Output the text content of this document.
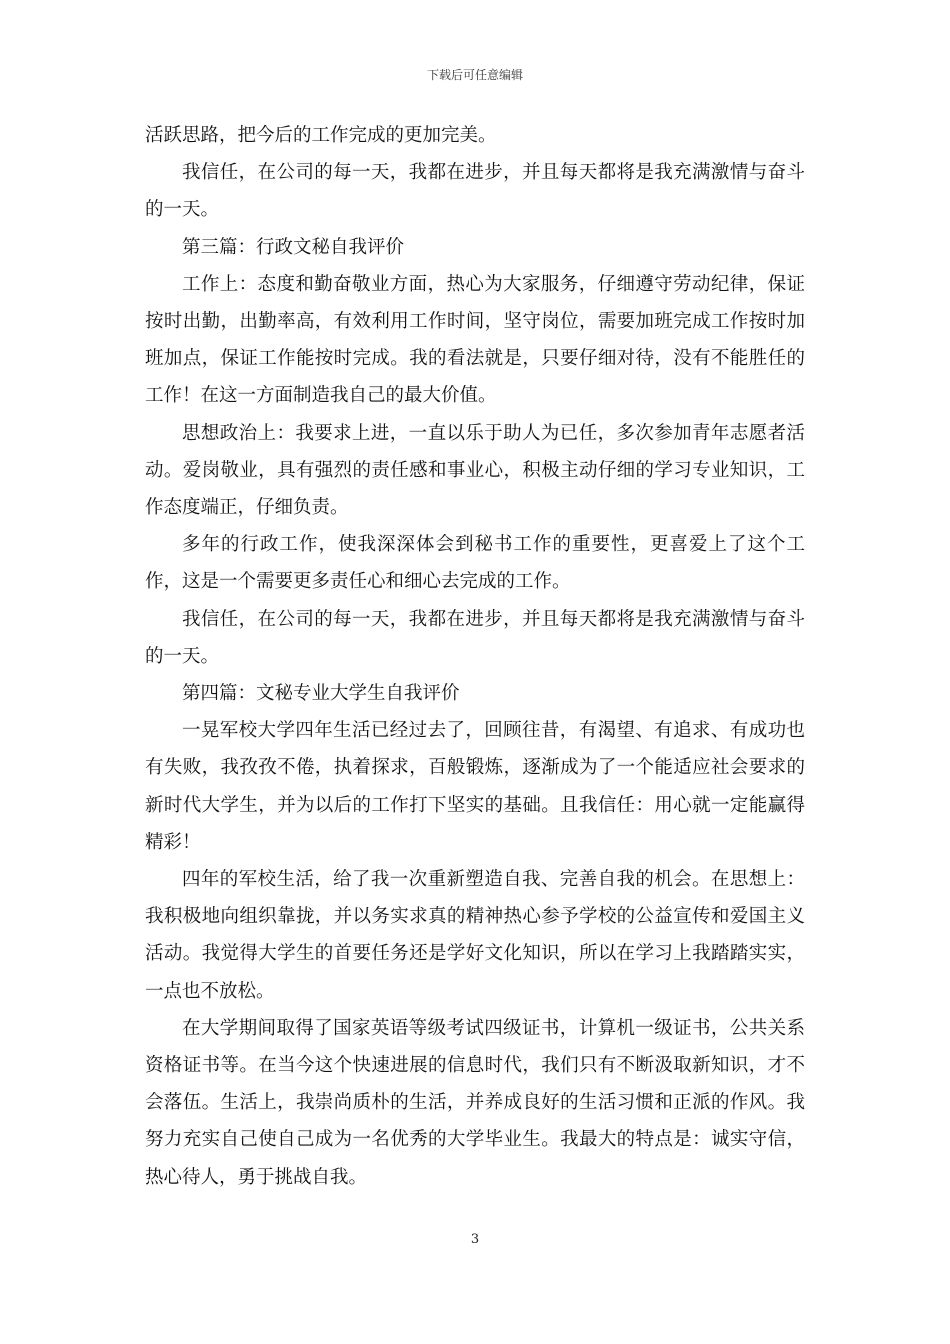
下载后可任意编辑

活跃思路，把今后的工作完成的更加完美。

我信任，在公司的每一天，我都在进步，并且每天都将是我充满激情与奋斗的一天。

第三篇：行政文秘自我评价

工作上：态度和勤奋敬业方面，热心为大家服务，仔细遵守劳动纪律，保证按时出勤，出勤率高，有效利用工作时间，坚守岗位，需要加班完成工作按时加班加点，保证工作能按时完成。我的看法就是，只要仔细对待，没有不能胜任的工作！在这一方面制造我自己的最大价值。

思想政治上：我要求上进，一直以乐于助人为已任，多次参加青年志愿者活动。爱岗敬业，具有强烈的责任感和事业心，积极主动仔细的学习专业知识，工作态度端正，仔细负责。

多年的行政工作，使我深深体会到秘书工作的重要性，更喜爱上了这个工作，这是一个需要更多责任心和细心去完成的工作。

我信任，在公司的每一天，我都在进步，并且每天都将是我充满激情与奋斗的一天。

第四篇：文秘专业大学生自我评价

一晃军校大学四年生活已经过去了，回顾往昔，有渴望、有追求、有成功也有失败，我孜孜不倦，执着探求，百般锻炼，逐渐成为了一个能适应社会要求的新时代大学生，并为以后的工作打下坚实的基础。且我信任：用心就一定能赢得精彩！

四年的军校生活，给了我一次重新塑造自我、完善自我的机会。在思想上：我积极地向组织靠拢，并以务实求真的精神热心参予学校的公益宣传和爱国主义活动。我觉得大学生的首要任务还是学好文化知识，所以在学习上我踏踏实实，一点也不放松。

在大学期间取得了国家英语等级考试四级证书，计算机一级证书，公共关系资格证书等。在当今这个快速进展的信息时代，我们只有不断汲取新知识，才不会落伍。生活上，我崇尚质朴的生活，并养成良好的生活习惯和正派的作风。我努力充实自己使自己成为一名优秀的大学毕业生。我最大的特点是：诚实守信，热心待人，勇于挑战自我。

3
